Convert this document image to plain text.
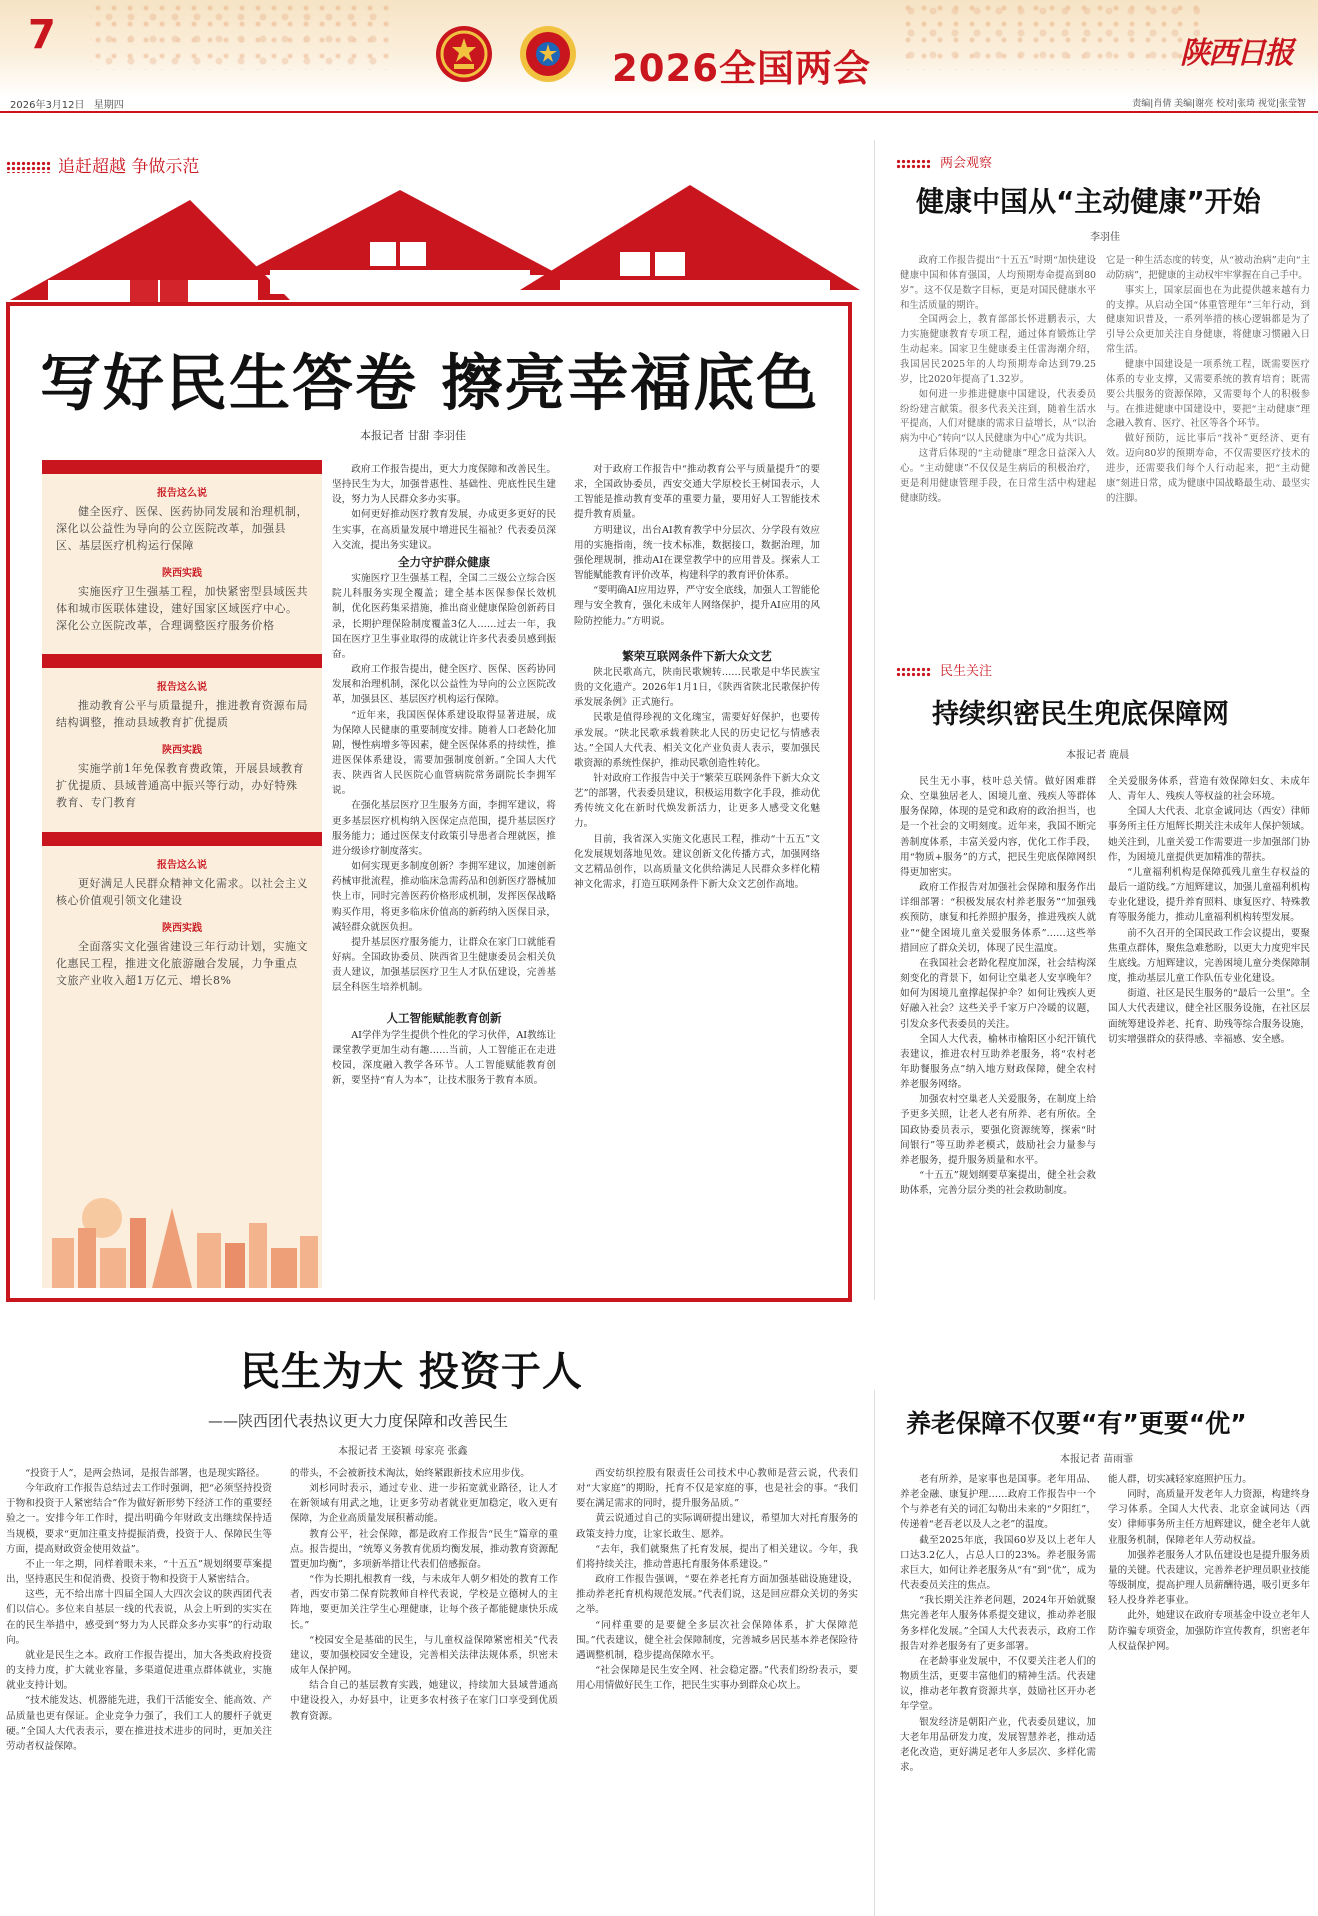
7
2026全国两会	陕西日报
2026年3月12日 星期四	责编|肖倩 美编|谢亮 校对|张琦 视觉|张莹智
追赶超越 争做示范
写好民生答卷 擦亮幸福底色
本报记者 甘甜 李羽佳
报告这么说
健全医疗、医保、医药协同发展和治理机制，深化以公益性为导向的公立医院改革，加强县区、基层医疗机构运行保障
陕西实践
实施医疗卫生强基工程，加快紧密型县域医共体和城市医联体建设，建好国家区域医疗中心。深化公立医院改革，合理调整医疗服务价格
报告这么说
推动教育公平与质量提升，推进教育资源布局结构调整，推动县域教育扩优提质
陕西实践
实施学前1年免保教育费政策，开展县域教育扩优提质、县域普通高中振兴等行动，办好特殊教育、专门教育
报告这么说
更好满足人民群众精神文化需求。以社会主义核心价值观引领文化建设
陕西实践
全面落实文化强省建设三年行动计划，实施文化惠民工程，推进文化旅游融合发展，力争重点文旅产业收入超1万亿元、增长8%

政府工作报告提出，更大力度保障和改善民生。坚持民生为大，加强普惠性、基础性、兜底性民生建设，努力为人民群众多办实事。

如何更好推动医疗教育发展，办成更多更好的民生实事，在高质量发展中增进民生福祉？代表委员深入交流，提出务实建议。

全力守护群众健康

实施医疗卫生强基工程，全国二三级公立综合医院儿科服务实现全覆盖；建全基本医保参保长效机制，优化医药集采措施，推出商业健康保险创新药目录，长期护理保险制度覆盖3亿人……过去一年，我国在医疗卫生事业取得的成就让许多代表委员感到振奋。

政府工作报告提出，健全医疗、医保、医药协同发展和治理机制，深化以公益性为导向的公立医院改革，加强县区、基层医疗机构运行保障。

“近年来，我国医保体系建设取得显著进展，成为保障人民健康的重要制度安排。随着人口老龄化加剧，慢性病增多等因素，健全医保体系的持续性，推进医保体系建设，需要加强制度创新。”全国人大代表、陕西省人民医院心血管病院常务副院长李拥军说。

在强化基层医疗卫生服务方面，李拥军建议，将更多基层医疗机构纳入医保定点范围，提升基层医疗服务能力；通过医保支付政策引导患者合理就医，推进分级诊疗制度落实。

如何实现更多制度创新？李拥军建议，加速创新药械审批流程，推动临床急需药品和创新医疗器械加快上市，同时完善医药价格形成机制，发挥医保战略购买作用，将更多临床价值高的新药纳入医保目录，减轻群众就医负担。

提升基层医疗服务能力，让群众在家门口就能看好病。全国政协委员、陕西省卫生健康委员会相关负责人建议，加强基层医疗卫生人才队伍建设，完善基层全科医生培养机制。

人工智能赋能教育创新

AI学伴为学生提供个性化的学习伙伴，AI教练让课堂教学更加生动有趣……当前，人工智能正在走进校园，深度融入教学各环节。人工智能赋能教育创新，要坚持“育人为本”，让技术服务于教育本质。

对于政府工作报告中“推动教育公平与质量提升”的要求，全国政协委员，西安交通大学原校长王树国表示，人工智能是推动教育变革的重要力量，要用好人工智能技术提升教育质量。

方明建议，出台AI教育教学中分层次、分学段有效应用的实施指南，统一技术标准，数据接口，数据治理，加强伦理规制，推动AI在课堂教学中的应用普及。探索人工智能赋能教育评价改革，构建科学的教育评价体系。

“要明确AI应用边界，严守安全底线，加强人工智能伦理与安全教育，强化未成年人网络保护，提升AI应用的风险防控能力。”方明说。

繁荣互联网条件下新大众文艺

陕北民歌高亢，陕南民歌婉转……民歌是中华民族宝贵的文化遗产。2026年1月1日，《陕西省陕北民歌保护传承发展条例》正式施行。

民歌是值得珍视的文化瑰宝，需要好好保护，也要传承发展。“陕北民歌承载着陕北人民的历史记忆与情感表达。”全国人大代表、相关文化产业负责人表示，要加强民歌资源的系统性保护，推动民歌创造性转化。

针对政府工作报告中关于“繁荣互联网条件下新大众文艺”的部署，代表委员建议，积极运用数字化手段，推动优秀传统文化在新时代焕发新活力，让更多人感受文化魅力。

目前，我省深入实施文化惠民工程，推动“十五五”文化发展规划落地见效。建议创新文化传播方式，加强网络文艺精品创作，以高质量文化供给满足人民群众多样化精神文化需求，打造互联网条件下新大众文艺创作高地。

两会观察
健康中国从“主动健康”开始
李羽佳

政府工作报告提出“十五五”时期“加快建设健康中国和体育强国，人均预期寿命提高到80岁”。这不仅是数字目标，更是对国民健康水平和生活质量的期许。

全国两会上，教育部部长怀进鹏表示，大力实施健康教育专项工程，通过体育锻炼让学生动起来。国家卫生健康委主任雷海潮介绍，我国居民2025年的人均预期寿命达到79.25岁，比2020年提高了1.32岁。

如何进一步推进健康中国建设，代表委员纷纷建言献策。很多代表关注到，随着生活水平提高，人们对健康的需求日益增长，从“以治病为中心”转向“以人民健康为中心”成为共识。

这背后体现的“主动健康”理念日益深入人心。“主动健康”不仅仅是生病后的积极治疗，更是利用健康管理手段，在日常生活中构建起健康防线。

它是一种生活态度的转变，从“被动治病”走向“主动防病”，把健康的主动权牢牢掌握在自己手中。

事实上，国家层面也在为此提供越来越有力的支撑。从启动全国“体重管理年”三年行动，到健康知识普及，一系列举措的核心逻辑都是为了引导公众更加关注自身健康，将健康习惯融入日常生活。

健康中国建设是一项系统工程，既需要医疗体系的专业支撑，又需要系统的教育培育；既需要公共服务的资源保障，又需要每个人的积极参与。在推进健康中国建设中，要把“主动健康”理念融入教育、医疗、社区等各个环节。

做好预防，远比事后“找补”更经济、更有效。迈向80岁的预期寿命，不仅需要医疗技术的进步，还需要我们每个人行动起来，把“主动健康”刻进日常，成为健康中国战略最生动、最坚实的注脚。

民生关注
持续织密民生兜底保障网
本报记者 鹿晨

民生无小事，枝叶总关情。做好困难群众、空巢独居老人、困境儿童、残疾人等群体服务保障，体现的是党和政府的政治担当，也是一个社会的文明刻度。近年来，我国不断完善制度体系，丰富关爱内容，优化工作手段，用“物质+服务”的方式，把民生兜底保障网织得更加密实。

政府工作报告对加强社会保障和服务作出详细部署：“积极发展农村养老服务”“加强残疾预防，康复和托养照护服务，推进残疾人就业”“健全困境儿童关爱服务体系”……这些举措回应了群众关切，体现了民生温度。

在我国社会老龄化程度加深，社会结构深刻变化的背景下，如何让空巢老人安享晚年？如何为困境儿童撑起保护伞？如何让残疾人更好融入社会？这些关乎千家万户冷暖的议题，引发众多代表委员的关注。

全国人大代表，榆林市榆阳区小纪汗镇代表建议，推进农村互助养老服务，将“农村老年助餐服务点”纳入地方财政保障，健全农村养老服务网络。

加强农村空巢老人关爱服务，在制度上给予更多关照，让老人老有所养、老有所依。全国政协委员表示，要强化资源统筹，探索“时间银行”等互助养老模式，鼓励社会力量参与养老服务，提升服务质量和水平。

“十五五”规划纲要草案提出，健全社会救助体系，完善分层分类的社会救助制度。

全关爱服务体系，营造有效保障妇女、未成年人、青年人、残疾人等权益的社会环境。

全国人大代表、北京金诚同达（西安）律师事务所主任方旭辉长期关注未成年人保护领域。她关注到，儿童关爱工作需要进一步加强部门协作，为困境儿童提供更加精准的帮扶。

“儿童福利机构是保障孤残儿童生存权益的最后一道防线。”方旭辉建议，加强儿童福利机构专业化建设，提升养育照料、康复医疗、特殊教育等服务能力，推动儿童福利机构转型发展。

前不久召开的全国民政工作会议提出，要聚焦重点群体，聚焦急难愁盼，以更大力度兜牢民生底线。方旭辉建议，完善困境儿童分类保障制度，推动基层儿童工作队伍专业化建设。

街道、社区是民生服务的“最后一公里”。全国人大代表建议，健全社区服务设施，在社区层面统筹建设养老、托育、助残等综合服务设施，切实增强群众的获得感、幸福感、安全感。

养老保障不仅要“有”更要“优”
本报记者 苗雨霏

老有所养，是家事也是国事。老年用品、养老金融、康复护理……政府工作报告中一个个与养老有关的词汇勾勒出未来的“夕阳红”，传递着“老吾老以及人之老”的温度。

截至2025年底，我国60岁及以上老年人口达3.2亿人，占总人口的23%。养老服务需求巨大，如何让养老服务从“有”到“优”，成为代表委员关注的焦点。

“我长期关注养老问题，2024年开始就聚焦完善老年人服务体系提交建议，推动养老服务多样化发展。”全国人大代表表示，政府工作报告对养老服务有了更多部署。

在老龄事业发展中，不仅要关注老人们的物质生活，更要丰富他们的精神生活。代表建议，推动老年教育资源共享，鼓励社区开办老年学堂。

银发经济是朝阳产业，代表委员建议，加大老年用品研发力度，发展智慧养老，推动适老化改造，更好满足老年人多层次、多样化需求。

能人群，切实减轻家庭照护压力。

同时，高质量开发老年人力资源，构建终身学习体系。全国人大代表、北京金诚同达（西安）律师事务所主任方旭辉建议，健全老年人就业服务机制，保障老年人劳动权益。

加强养老服务人才队伍建设也是提升服务质量的关键。代表建议，完善养老护理员职业技能等级制度，提高护理人员薪酬待遇，吸引更多年轻人投身养老事业。

此外，她建议在政府专项基金中设立老年人防诈骗专项资金，加强防诈宣传教育，织密老年人权益保护网。

民生为大 投资于人
——陕西团代表热议更大力度保障和改善民生
本报记者 王姿颖 母家亮 张鑫

“投资于人”，是两会热词，是报告部署，也是现实路径。

今年政府工作报告总结过去工作时强调，把“必须坚持投资于物和投资于人紧密结合”作为做好新形势下经济工作的重要经验之一。安排今年工作时，提出明确今年财政支出继续保持适当规模，要求“更加注重支持提振消费，投资于人、保障民生等方面，提高财政资金使用效益”。

不止一年之期，同样着眼未来，“十五五”规划纲要草案提出，坚持惠民生和促消费、投资于物和投资于人紧密结合。

这些，无不给出席十四届全国人大四次会议的陕西团代表们以信心。多位来自基层一线的代表说，从会上听到的实实在在的民生举措中，感受到“努力为人民群众多办实事”的行动取向。

就业是民生之本。政府工作报告提出，加大各类政府投资的支持力度，扩大就业容量，多渠道促进重点群体就业，实施就业支持计划。

“技术能发达、机器能先进，我们干活能安全、能高效、产品质量也更有保证。企业竞争力强了，我们工人的腰杆子就更硬。”全国人大代表表示，要在推进技术进步的同时，更加关注劳动者权益保障。

的带头，不会被新技术淘汰，始终紧跟新技术应用步伐。

刘杉同时表示，通过专业、进一步拓宽就业路径，让人才在新领域有用武之地，让更多劳动者就业更加稳定，收入更有保障，为企业高质量发展积蓄动能。

教育公平，社会保障，都是政府工作报告“民生”篇章的重点。报告提出，“统筹义务教育优质均衡发展，推动教育资源配置更加均衡”，多项新举措让代表们倍感振奋。

“作为长期扎根教育一线，与未成年人朝夕相处的教育工作者，西安市第二保育院教师自梓代表说，学校是立德树人的主阵地，要更加关注学生心理健康，让每个孩子都能健康快乐成长。”

“校园安全是基础的民生，与儿童权益保障紧密相关”代表建议，要加强校园安全建设，完善相关法律法规体系，织密未成年人保护网。

结合自己的基层教育实践，她建议，持续加大县域普通高中建设投入，办好县中，让更多农村孩子在家门口享受到优质教育资源。

西安纺织控股有限责任公司技术中心教师是营云说，代表们对“大家庭”的期盼，托育不仅是家庭的事，也是社会的事。“我们要在满足需求的同时，提升服务品质。”

黄云说通过自己的实际调研提出建议，希望加大对托育服务的政策支持力度，让家长敢生、愿养。

“去年，我们就聚焦了托育发展，提出了相关建议。今年，我们将持续关注，推动普惠托育服务体系建设。”

政府工作报告强调，“要在养老托育方面加强基础设施建设，推动养老托育机构规范发展。”代表们说，这是回应群众关切的务实之举。

“同样重要的是要健全多层次社会保障体系，扩大保障范围。”代表建议，健全社会保障制度，完善城乡居民基本养老保险待遇调整机制，稳步提高保障水平。

“社会保障是民生安全网、社会稳定器。”代表们纷纷表示，要用心用情做好民生工作，把民生实事办到群众心坎上。
